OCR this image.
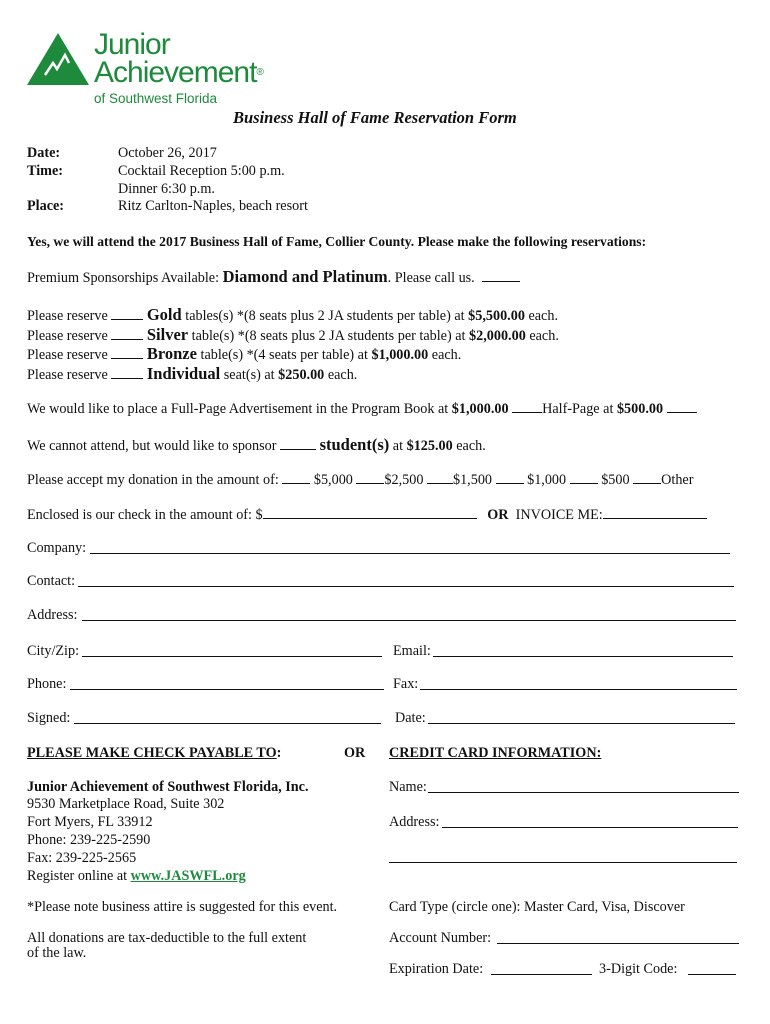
Junior
Achievement®
of Southwest Florida
Business Hall of Fame Reservation Form
Date:	October 26, 2017
Time:	Cocktail Reception 5:00 p.m.
Dinner 6:30 p.m.
Place:	Ritz Carlton-Naples, beach resort
Yes, we will attend the 2017 Business Hall of Fame, Collier County. Please make the following reservations:
Premium Sponsorships Available: Diamond and Platinum. Please call us.
Please reserve Gold tables(s) *(8 seats plus 2 JA students per table) at $5,500.00 each.
Please reserve Silver table(s) *(8 seats plus 2 JA students per table) at $2,000.00 each.
Please reserve Bronze table(s) *(4 seats per table) at $1,000.00 each.
Please reserve Individual seat(s) at $250.00 each.
We would like to place a Full-Page Advertisement in the Program Book at $1,000.00 Half-Page at $500.00
We cannot attend, but would like to sponsor	student(s) at $125.00 each.
Please accept my donation in the amount of: $5,000 $2,500 $1,500 $1,000 $500 Other
Enclosed is our check in the amount of: $	OR INVOICE ME:
Company:
Contact:
Address:
City/Zip:	Email:
Phone:	Fax:
Signed:	Date:
PLEASE MAKE CHECK PAYABLE TO:	OR CREDIT CARD INFORMATION:
Junior Achievement of Southwest Florida, Inc.
9530 Marketplace Road, Suite 302
Fort Myers, FL 33912
Phone: 239-225-2590
Fax: 239-225-2565
Register online at www.JASWFL.org
*Please note business attire is suggested for this event.
All donations are tax-deductible to the full extent
of the law.
Name:
Address:
Card Type (circle one): Master Card, Visa, Discover
Account Number:
Expiration Date:	3-Digit Code:
